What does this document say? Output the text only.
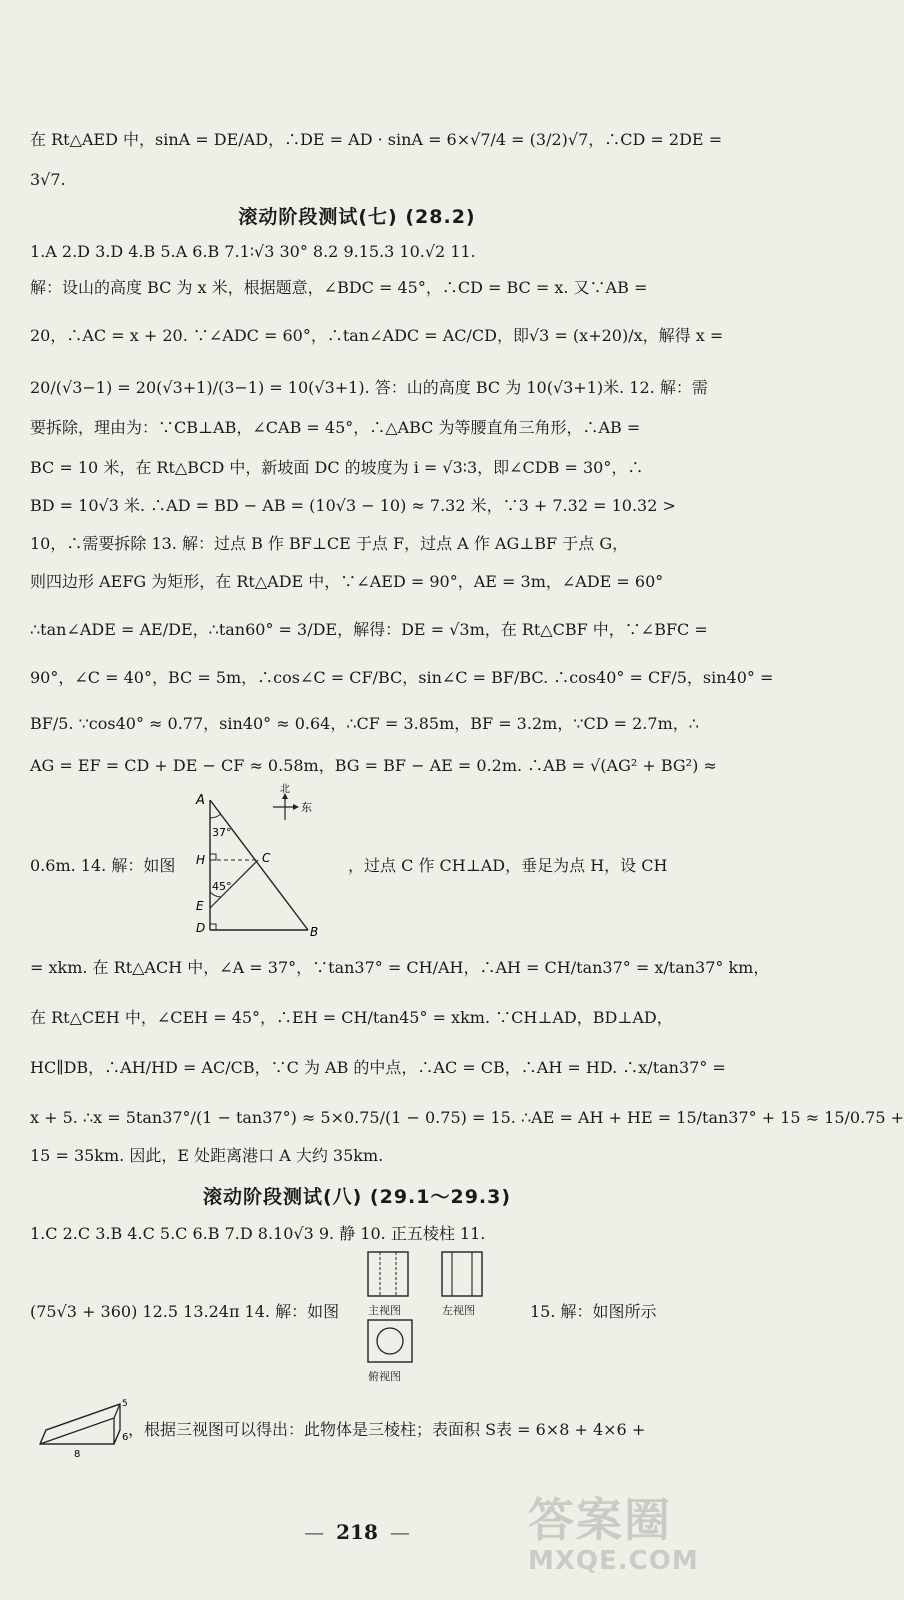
在 Rt△AED 中，sinA = DE/AD，∴DE = AD · sinA = 6×√7/4 = (3/2)√7，∴CD = 2DE =
3√7.
滚动阶段测试(七) (28.2)
1.A 2.D 3.D 4.B 5.A 6.B 7.1∶√3 30° 8.2 9.15.3 10.√2 11.
解：设山的高度 BC 为 x 米，根据题意，∠BDC = 45°，∴CD = BC = x. 又∵AB =
20，∴AC = x + 20. ∵∠ADC = 60°，∴tan∠ADC = AC/CD，即√3 = (x+20)/x，解得 x =
20/(√3−1) = 20(√3+1)/(3−1) = 10(√3+1). 答：山的高度 BC 为 10(√3+1)米. 12. 解：需
要拆除，理由为：∵CB⊥AB，∠CAB = 45°，∴△ABC 为等腰直角三角形，∴AB =
BC = 10 米，在 Rt△BCD 中，新坡面 DC 的坡度为 i = √3∶3，即∠CDB = 30°，∴
BD = 10√3 米. ∴AD = BD − AB = (10√3 − 10) ≈ 7.32 米，∵3 + 7.32 = 10.32 >
10，∴需要拆除 13. 解：过点 B 作 BF⊥CE 于点 F，过点 A 作 AG⊥BF 于点 G，
则四边形 AEFG 为矩形，在 Rt△ADE 中，∵∠AED = 90°，AE = 3m，∠ADE = 60°
∴tan∠ADE = AE/DE，∴tan60° = 3/DE，解得：DE = √3m，在 Rt△CBF 中，∵∠BFC =
90°，∠C = 40°，BC = 5m，∴cos∠C = CF/BC，sin∠C = BF/BC. ∴cos40° = CF/5，sin40° =
BF/5. ∵cos40° ≈ 0.77，sin40° ≈ 0.64，∴CF = 3.85m，BF = 3.2m，∵CD = 2.7m，∴
AG = EF = CD + DE − CF ≈ 0.58m，BG = BF − AE = 0.2m. ∴AB = √(AG² + BG²) ≈
0.6m. 14. 解：如图
A
H	C
E
D	B
37°
45°
北
东
，过点 C 作 CH⊥AD，垂足为点 H，设 CH
= xkm. 在 Rt△ACH 中，∠A = 37°，∵tan37° = CH/AH，∴AH = CH/tan37° = x/tan37° km，
在 Rt△CEH 中，∠CEH = 45°，∴EH = CH/tan45° = xkm. ∵CH⊥AD，BD⊥AD，
HC∥DB，∴AH/HD = AC/CB，∵C 为 AB 的中点，∴AC = CB，∴AH = HD. ∴x/tan37° =
x + 5. ∴x = 5tan37°/(1 − tan37°) ≈ 5×0.75/(1 − 0.75) = 15. ∴AE = AH + HE = 15/tan37° + 15 ≈ 15/0.75 +
15 = 35km. 因此，E 处距离港口 A 大约 35km.
滚动阶段测试(八) (29.1～29.3)
1.C 2.C 3.B 4.C 5.C 6.B 7.D 8.10√3 9. 静 10. 正五棱柱 11.
(75√3 + 360) 12.5 13.24π 14. 解：如图	主视图	左视图
俯视图
15. 解：如图所示
8
6
5
，根据三视图可以得出：此物体是三棱柱；表面积 S表 = 6×8 + 4×6 +
— 218 —	答案圈
MXQE.COM
